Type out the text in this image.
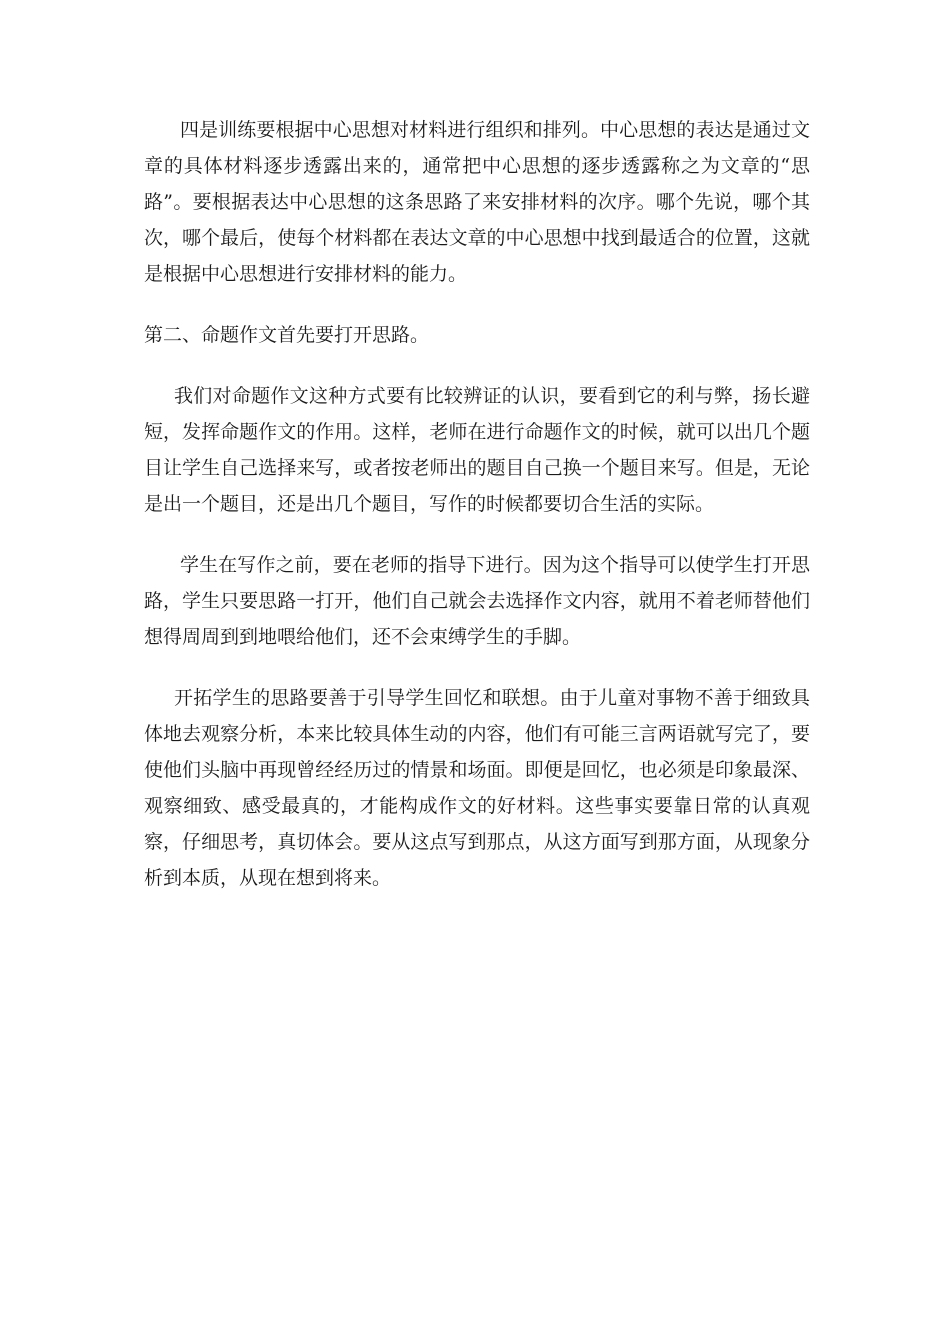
四是训练要根据中心思想对材料进行组织和排列。中心思想的表达是通过文章的具体材料逐步透露出来的，通常把中心思想的逐步透露称之为文章的“思路”。要根据表达中心思想的这条思路了来安排材料的次序。哪个先说，哪个其次，哪个最后，使每个材料都在表达文章的中心思想中找到最适合的位置，这就是根据中心思想进行安排材料的能力。

第二、命题作文首先要打开思路。

我们对命题作文这种方式要有比较辨证的认识，要看到它的利与弊，扬长避短，发挥命题作文的作用。这样，老师在进行命题作文的时候，就可以出几个题目让学生自己选择来写，或者按老师出的题目自己换一个题目来写。但是，无论是出一个题目，还是出几个题目，写作的时候都要切合生活的实际。

学生在写作之前，要在老师的指导下进行。因为这个指导可以使学生打开思路，学生只要思路一打开，他们自己就会去选择作文内容，就用不着老师替他们想得周周到到地喂给他们，还不会束缚学生的手脚。

开拓学生的思路要善于引导学生回忆和联想。由于儿童对事物不善于细致具体地去观察分析，本来比较具体生动的内容，他们有可能三言两语就写完了，要使他们头脑中再现曾经经历过的情景和场面。即便是回忆，也必须是印象最深、观察细致、感受最真的，才能构成作文的好材料。这些事实要靠日常的认真观察，仔细思考，真切体会。要从这点写到那点，从这方面写到那方面，从现象分析到本质，从现在想到将来。
